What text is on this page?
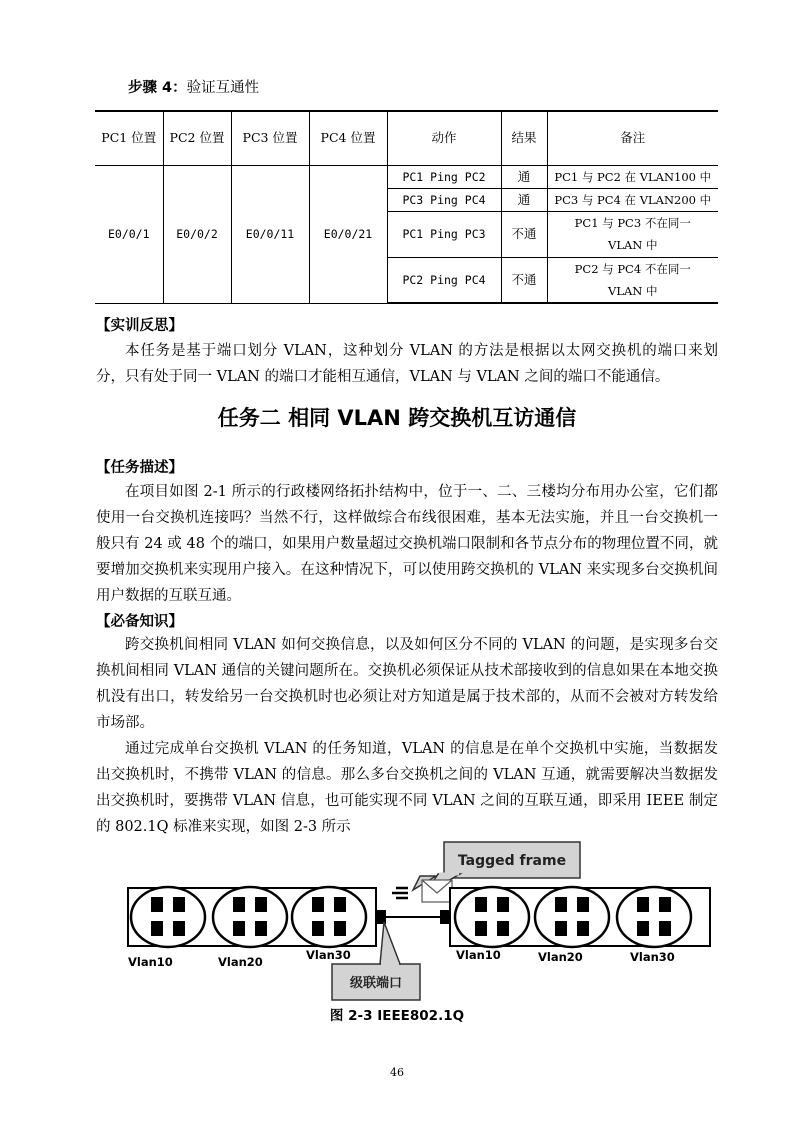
步骤 4：验证互通性
PC1 位置	PC2 位置	PC3 位置	PC4 位置	动作	结果	备注
E0/0/1	E0/0/2	E0/0/11	E0/0/21	PC1 Ping PC2	通	PC1 与 PC2 在 VLAN100 中
				PC3 Ping PC4	通	PC3 与 PC4 在 VLAN200 中
				PC1 Ping PC3	不通	PC1 与 PC3 不在同一 VLAN 中
				PC2 Ping PC4	不通	PC2 与 PC4 不在同一 VLAN 中
【实训反思】

本任务是基于端口划分 VLAN，这种划分 VLAN 的方法是根据以太网交换机的端口来划分，只有处于同一 VLAN 的端口才能相互通信，VLAN 与 VLAN 之间的端口不能通信。

任务二 相同 VLAN 跨交换机互访通信
【任务描述】

在项目如图 2-1 所示的行政楼网络拓扑结构中，位于一、二、三楼均分布用办公室，它们都使用一台交换机连接吗？当然不行，这样做综合布线很困难，基本无法实施，并且一台交换机一般只有 24 或 48 个的端口，如果用户数量超过交换机端口限制和各节点分布的物理位置不同，就要增加交换机来实现用户接入。在这种情况下，可以使用跨交换机的 VLAN 来实现多台交换机间用户数据的互联互通。

【必备知识】

跨交换机间相同 VLAN 如何交换信息，以及如何区分不同的 VLAN 的问题，是实现多台交换机间相同 VLAN 通信的关键问题所在。交换机必须保证从技术部接收到的信息如果在本地交换机没有出口，转发给另一台交换机时也必须让对方知道是属于技术部的，从而不会被对方转发给市场部。

通过完成单台交换机 VLAN 的任务知道，VLAN 的信息是在单个交换机中实施，当数据发出交换机时，不携带 VLAN 的信息。那么多台交换机之间的 VLAN 互通，就需要解决当数据发出交换机时，要携带 VLAN 信息，也可能实现不同 VLAN 之间的互联互通，即采用 IEEE 制定的 802.1Q 标准来实现，如图 2-3 所示

Tagged frame
Vlan10	Vlan20	Vlan30	Vlan10	Vlan20	Vlan30
级联端口
图 2-3 IEEE802.1Q
46
